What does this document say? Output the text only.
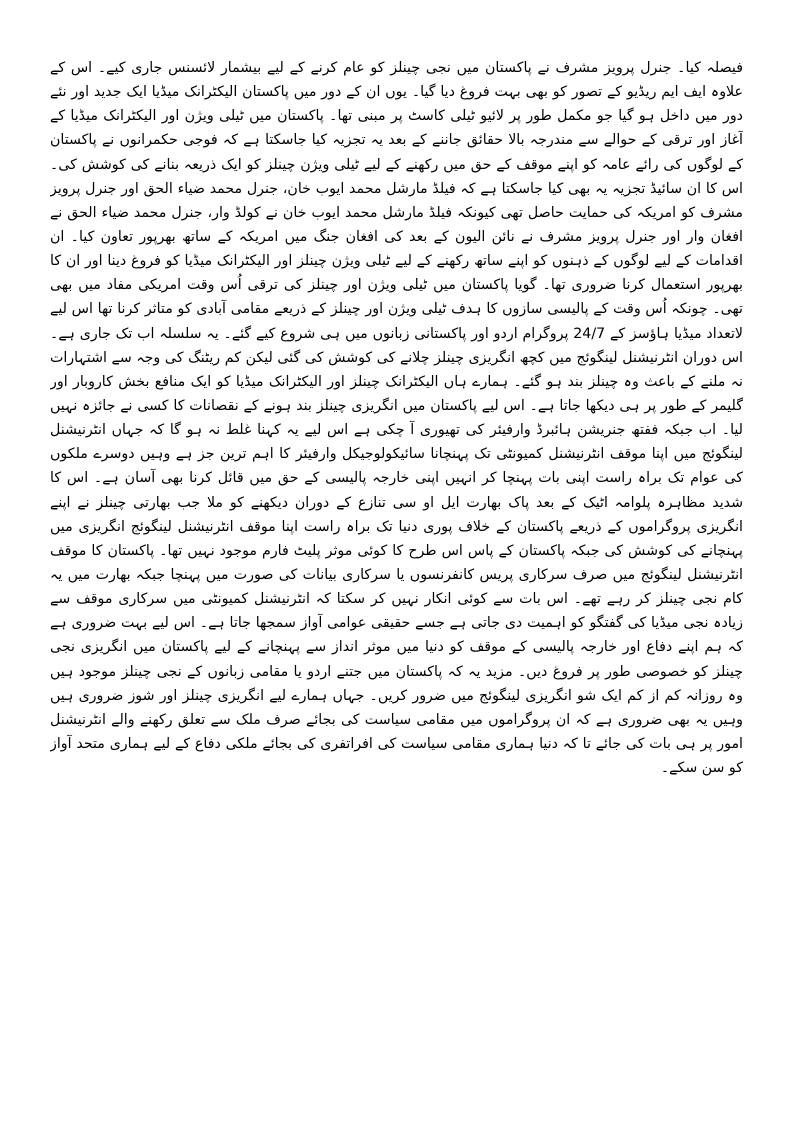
فیصلہ کیا۔ جنرل پرویز مشرف نے پاکستان میں نجی چینلز کو عام کرنے کے لیے بیشمار لائسنس جاری کیے۔ اس کے علاوہ ایف ایم ریڈیو کے تصور کو بھی بہت فروغ دیا گیا۔ یوں ان کے دور میں پاکستان الیکٹرانک میڈیا ایک جدید اور نئے دور میں داخل ہو گیا جو مکمل طور پر لائیو ٹیلی کاسٹ پر مبنی تھا۔ پاکستان میں ٹیلی ویژن اور الیکٹرانک میڈیا کے آغاز اور ترقی کے حوالے سے مندرجہ بالا حقائق جاننے کے بعد یہ تجزیہ کیا جاسکتا ہے کہ فوجی حکمرانوں نے پاکستان کے لوگوں کی رائے عامہ کو اپنے موقف کے حق میں رکھنے کے لیے ٹیلی ویژن چینلز کو ایک ذریعہ بنانے کی کوشش کی۔ اس کا ان سائیڈ تجزیہ یہ بھی کیا جاسکتا ہے کہ فیلڈ مارشل محمد ایوب خان، جنرل محمد ضیاء الحق اور جنرل پرویز مشرف کو امریکہ کی حمایت حاصل تھی کیونکہ فیلڈ مارشل محمد ایوب خان نے کولڈ وار، جنرل محمد ضیاء الحق نے افغان وار اور جنرل پرویز مشرف نے نائن الیون کے بعد کی افغان جنگ میں امریکہ کے ساتھ بھرپور تعاون کیا۔ ان اقدامات کے لیے لوگوں کے ذہنوں کو اپنے ساتھ رکھنے کے لیے ٹیلی ویژن چینلز اور الیکٹرانک میڈیا کو فروغ دینا اور ان کا بھرپور استعمال کرنا ضروری تھا۔ گویا پاکستان میں ٹیلی ویژن اور چینلز کی ترقی اُس وقت امریکی مفاد میں بھی تھی۔ چونکہ اُس وقت کے پالیسی سازوں کا ہدف ٹیلی ویژن اور چینلز کے ذریعے مقامی آبادی کو متاثر کرنا تھا اس لیے لاتعداد میڈیا ہاؤسز کے 24/7 پروگرام اردو اور پاکستانی زبانوں میں ہی شروع کیے گئے۔ یہ سلسلہ اب تک جاری ہے۔ اس دوران انٹرنیشنل لینگوئج میں کچھ انگریزی چینلز چلانے کی کوشش کی گئی لیکن کم ریٹنگ کی وجہ سے اشتہارات نہ ملنے کے باعث وہ چینلز بند ہو گئے۔ ہمارے ہاں الیکٹرانک چینلز اور الیکٹرانک میڈیا کو ایک منافع بخش کاروبار اور گلیمر کے طور پر ہی دیکھا جاتا ہے۔ اس لیے پاکستان میں انگریزی چینلز بند ہونے کے نقصانات کا کسی نے جائزہ نہیں لیا۔ اب جبکہ ففتھ جنریشن ہائبرڈ وارفیئر کی تھیوری آ چکی ہے اس لیے یہ کہنا غلط نہ ہو گا کہ جہاں انٹرنیشنل لینگوئج میں اپنا موقف انٹرنیشنل کمیونٹی تک پہنچانا سائیکولوجیکل وارفیئر کا اہم ترین جز ہے وہیں دوسرے ملکوں کی عوام تک براہ راست اپنی بات پہنچا کر انہیں اپنی خارجہ پالیسی کے حق میں قائل کرنا بھی آسان ہے۔ اس کا شدید مظاہرہ پلوامہ اٹیک کے بعد پاک بھارت ایل او سی تنازع کے دوران دیکھنے کو ملا جب بھارتی چینلز نے اپنے انگریزی پروگراموں کے ذریعے پاکستان کے خلاف پوری دنیا تک براہ راست اپنا موقف انٹرنیشنل لینگوئج انگریزی میں پہنچانے کی کوشش کی جبکہ پاکستان کے پاس اس طرح کا کوئی موثر پلیٹ فارم موجود نہیں تھا۔ پاکستان کا موقف انٹرنیشنل لینگوئج میں صرف سرکاری پریس کانفرنسوں یا سرکاری بیانات کی صورت میں پہنچا جبکہ بھارت میں یہ کام نجی چینلز کر رہے تھے۔ اس بات سے کوئی انکار نہیں کر سکتا کہ انٹرنیشنل کمیونٹی میں سرکاری موقف سے زیادہ نجی میڈیا کی گفتگو کو اہمیت دی جاتی ہے جسے حقیقی عوامی آواز سمجھا جاتا ہے۔ اس لیے بہت ضروری ہے کہ ہم اپنے دفاع اور خارجہ پالیسی کے موقف کو دنیا میں موثر انداز سے پہنچانے کے لیے پاکستان میں انگریزی نجی چینلز کو خصوصی طور پر فروغ دیں۔ مزید یہ کہ پاکستان میں جتنے اردو یا مقامی زبانوں کے نجی چینلز موجود ہیں وہ روزانہ کم از کم ایک شو انگریزی لینگوئج میں ضرور کریں۔ جہاں ہمارے لیے انگریزی چینلز اور شوز ضروری ہیں وہیں یہ بھی ضروری ہے کہ ان پروگراموں میں مقامی سیاست کی بجائے صرف ملک سے تعلق رکھنے والے انٹرنیشنل امور پر ہی بات کی جائے تا کہ دنیا ہماری مقامی سیاست کی افراتفری کی بجائے ملکی دفاع کے لیے ہماری متحد آواز کو سن سکے۔
